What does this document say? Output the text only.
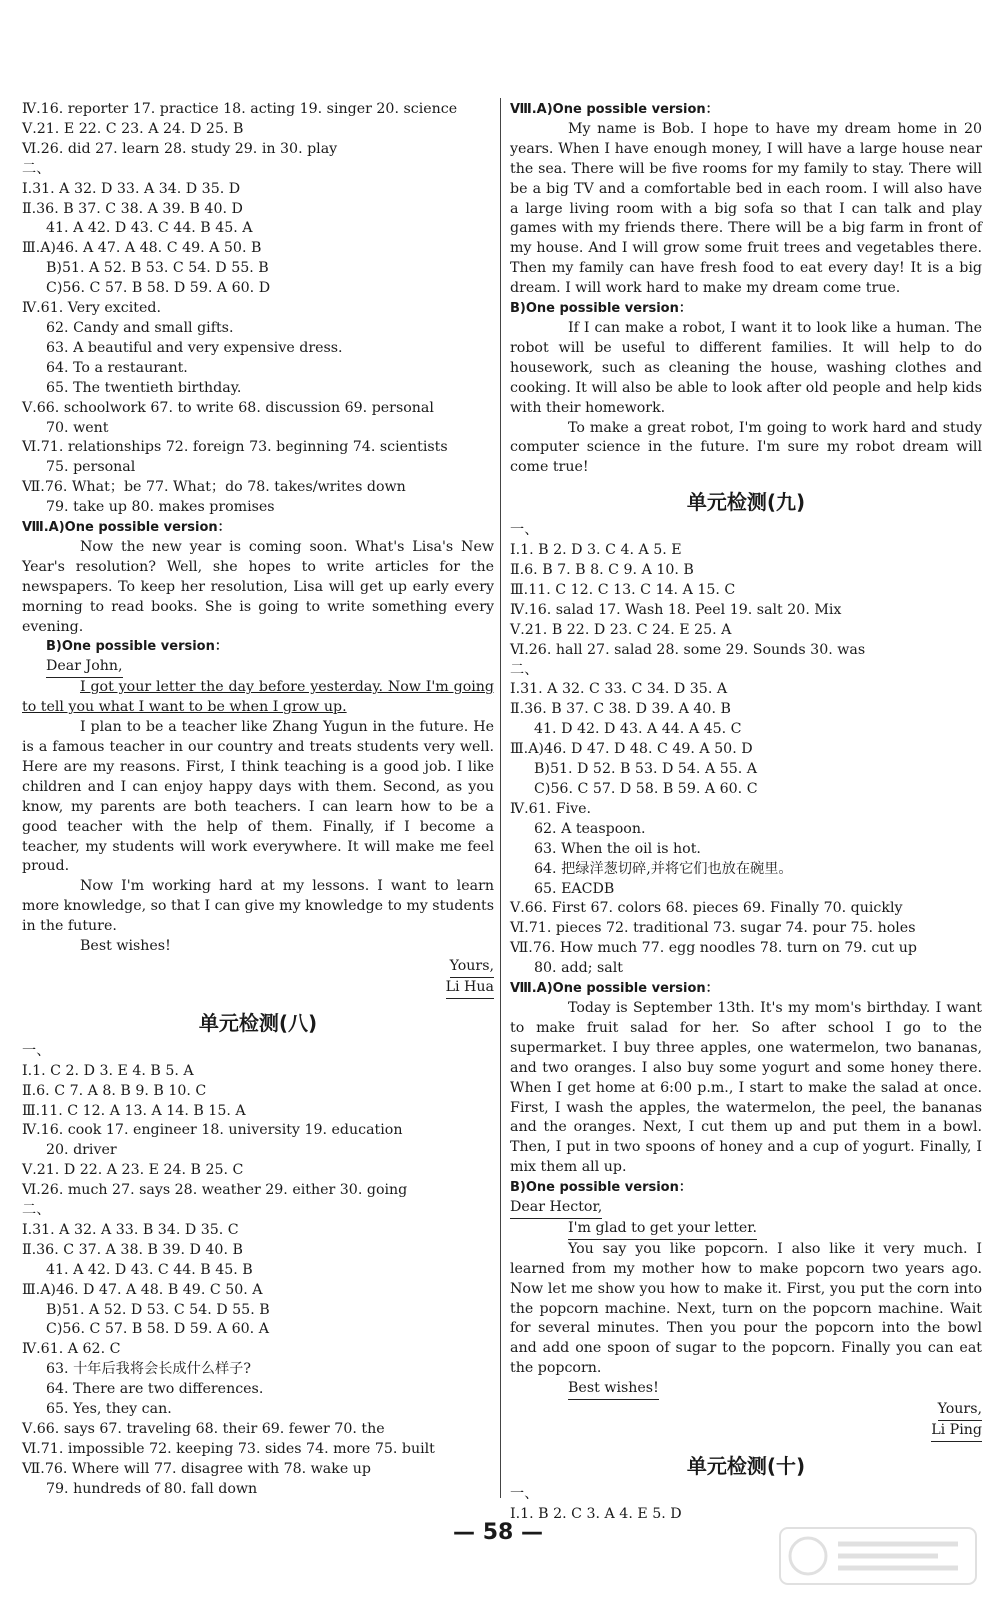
Ⅳ.16. reporter 17. practice 18. acting 19. singer 20. science
Ⅴ.21. E 22. C 23. A 24. D 25. B
Ⅵ.26. did 27. learn 28. study 29. in 30. play
二、
Ⅰ.31. A 32. D 33. A 34. D 35. D
Ⅱ.36. B 37. C 38. A 39. B 40. D
41. A 42. D 43. C 44. B 45. A
Ⅲ.A)46. A 47. A 48. C 49. A 50. B
B)51. A 52. B 53. C 54. D 55. B
C)56. C 57. B 58. D 59. A 60. D
Ⅳ.61. Very excited.
62. Candy and small gifts.
63. A beautiful and very expensive dress.
64. To a restaurant.
65. The twentieth birthday.
Ⅴ.66. schoolwork 67. to write 68. discussion 69. personal
70. went
Ⅵ.71. relationships 72. foreign 73. beginning 74. scientists
75. personal
Ⅶ.76. What；be 77. What；do 78. takes/writes down
79. take up 80. makes promises
Ⅷ.A)One possible version：
Now the new year is coming soon. What's Lisa's New Year's resolution? Well, she hopes to write articles for the newspapers. To keep her resolution, Lisa will get up early every morning to read books. She is going to write something every evening.
B)One possible version：
Dear John,
I got your letter the day before yesterday. Now I'm going to tell you what I want to be when I grow up.
I plan to be a teacher like Zhang Yugun in the future. He is a famous teacher in our country and treats students very well. Here are my reasons. First, I think teaching is a good job. I like children and I can enjoy happy days with them. Second, as you know, my parents are both teachers. I can learn how to be a good teacher with the help of them. Finally, if I become a teacher, my students will work everywhere. It will make me feel proud.
Now I'm working hard at my lessons. I want to learn more knowledge, so that I can give my knowledge to my students in the future.
Best wishes!
Yours,
Li Hua
单元检测(八)
一、
Ⅰ.1. C 2. D 3. E 4. B 5. A
Ⅱ.6. C 7. A 8. B 9. B 10. C
Ⅲ.11. C 12. A 13. A 14. B 15. A
Ⅳ.16. cook 17. engineer 18. university 19. education
20. driver
Ⅴ.21. D 22. A 23. E 24. B 25. C
Ⅵ.26. much 27. says 28. weather 29. either 30. going
二、
Ⅰ.31. A 32. A 33. B 34. D 35. C
Ⅱ.36. C 37. A 38. B 39. D 40. B
41. A 42. D 43. C 44. B 45. B
Ⅲ.A)46. D 47. A 48. B 49. C 50. A
B)51. A 52. D 53. C 54. D 55. B
C)56. C 57. B 58. D 59. A 60. A
Ⅳ.61. A 62. C
63. 十年后我将会长成什么样子?
64. There are two differences.
65. Yes, they can.
Ⅴ.66. says 67. traveling 68. their 69. fewer 70. the
Ⅵ.71. impossible 72. keeping 73. sides 74. more 75. built
Ⅶ.76. Where will 77. disagree with 78. wake up
79. hundreds of 80. fall down
Ⅷ.A)One possible version：
My name is Bob. I hope to have my dream home in 20 years. When I have enough money, I will have a large house near the sea. There will be five rooms for my family to stay. There will be a big TV and a comfortable bed in each room. I will also have a large living room with a big sofa so that I can talk and play games with my friends there. There will be a big farm in front of my house. And I will grow some fruit trees and vegetables there. Then my family can have fresh food to eat every day! It is a big dream. I will work hard to make my dream come true.
B)One possible version：
If I can make a robot, I want it to look like a human. The robot will be useful to different families. It will help to do housework, such as cleaning the house, washing clothes and cooking. It will also be able to look after old people and help kids with their homework.
To make a great robot, I'm going to work hard and study computer science in the future. I'm sure my robot dream will come true!
单元检测(九)
一、
Ⅰ.1. B 2. D 3. C 4. A 5. E
Ⅱ.6. B 7. B 8. C 9. A 10. B
Ⅲ.11. C 12. C 13. C 14. A 15. C
Ⅳ.16. salad 17. Wash 18. Peel 19. salt 20. Mix
Ⅴ.21. B 22. D 23. C 24. E 25. A
Ⅵ.26. hall 27. salad 28. some 29. Sounds 30. was
二、
Ⅰ.31. A 32. C 33. C 34. D 35. A
Ⅱ.36. B 37. C 38. D 39. A 40. B
41. D 42. D 43. A 44. A 45. C
Ⅲ.A)46. D 47. D 48. C 49. A 50. D
B)51. D 52. B 53. D 54. A 55. A
C)56. C 57. D 58. B 59. A 60. C
Ⅳ.61. Five.
62. A teaspoon.
63. When the oil is hot.
64. 把绿洋葱切碎,并将它们也放在碗里。
65. EACDB
Ⅴ.66. First 67. colors 68. pieces 69. Finally 70. quickly
Ⅵ.71. pieces 72. traditional 73. sugar 74. pour 75. holes
Ⅶ.76. How much 77. egg noodles 78. turn on 79. cut up
80. add; salt
Ⅷ.A)One possible version：
Today is September 13th. It's my mom's birthday. I want to make fruit salad for her. So after school I go to the supermarket. I buy three apples, one watermelon, two bananas, and two oranges. I also buy some yogurt and some honey there. When I get home at 6:00 p.m., I start to make the salad at once. First, I wash the apples, the watermelon, the peel, the bananas and the oranges. Next, I cut them up and put them in a bowl. Then, I put in two spoons of honey and a cup of yogurt. Finally, I mix them all up.
B)One possible version：
Dear Hector,
I'm glad to get your letter.
You say you like popcorn. I also like it very much. I learned from my mother how to make popcorn two years ago. Now let me show you how to make it. First, you put the corn into the popcorn machine. Next, turn on the popcorn machine. Wait for several minutes. Then you pour the popcorn into the bowl and add one spoon of sugar to the popcorn. Finally you can eat the popcorn.
Best wishes!
Yours,
Li Ping
单元检测(十)
一、
Ⅰ.1. B 2. C 3. A 4. E 5. D
— 58 —
